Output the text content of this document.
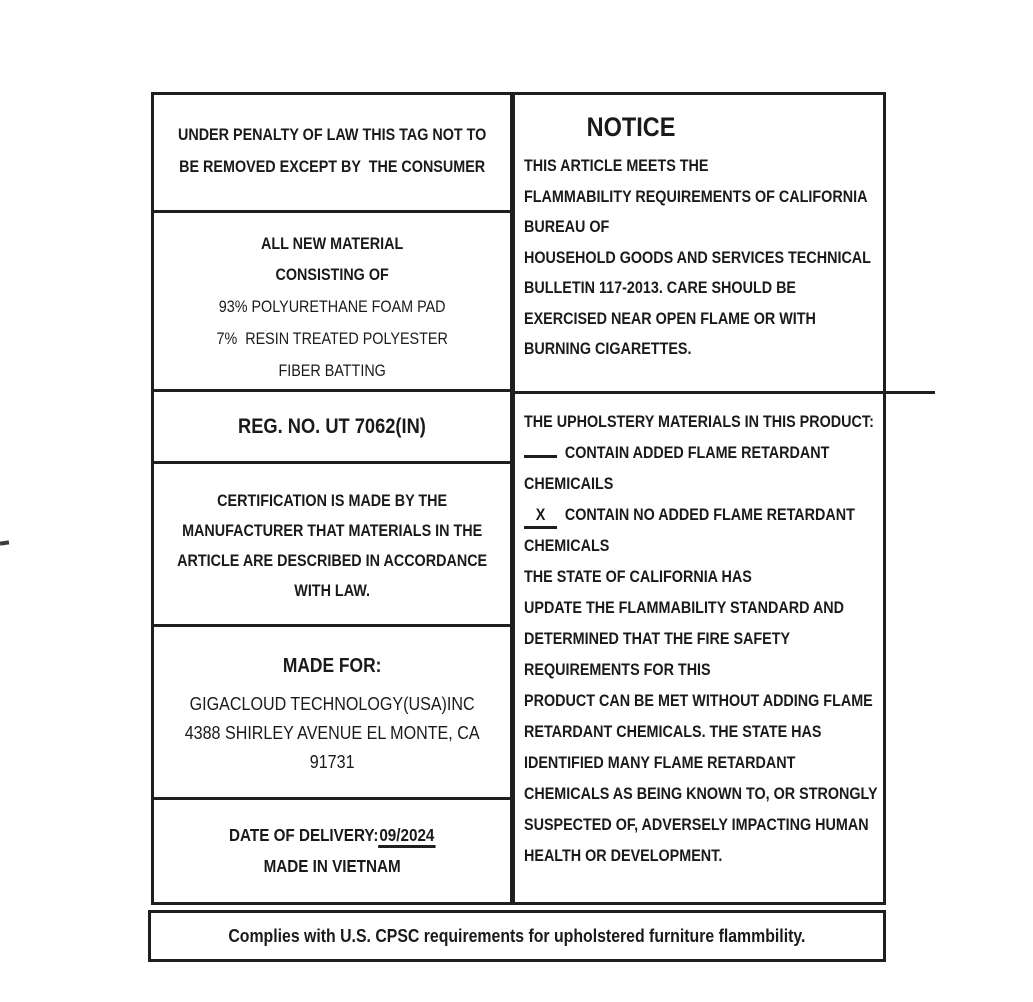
UNDER PENALTY OF LAW THIS TAG NOT TO
BE REMOVED EXCEPT BY  THE CONSUMER
ALL NEW MATERIAL
CONSISTING OF
93% POLYURETHANE FOAM PAD
7%  RESIN TREATED POLYESTER
FIBER BATTING
REG. NO. UT 7062(IN)
CERTIFICATION IS MADE BY THE
MANUFACTURER THAT MATERIALS IN THE
ARTICLE ARE DESCRIBED IN ACCORDANCE
WITH LAW.
MADE FOR:
GIGACLOUD TECHNOLOGY(USA)INC
4388 SHIRLEY AVENUE EL MONTE, CA
91731
DATE OF DELIVERY:09/2024
MADE IN VIETNAM
NOTICE
THIS ARTICLE MEETS THE
FLAMMABILITY REQUIREMENTS OF CALIFORNIA
BUREAU OF
HOUSEHOLD GOODS AND SERVICES TECHNICAL
BULLETIN 117-2013. CARE SHOULD BE
EXERCISED NEAR OPEN FLAME OR WITH
BURNING CIGARETTES.
THE UPHOLSTERY MATERIALS IN THIS PRODUCT:
CONTAIN ADDED FLAME RETARDANT
CHEMICAILS
X CONTAIN NO ADDED FLAME RETARDANT
CHEMICALS
THE STATE OF CALIFORNIA HAS
UPDATE THE FLAMMABILITY STANDARD AND
DETERMINED THAT THE FIRE SAFETY
REQUIREMENTS FOR THIS
PRODUCT CAN BE MET WITHOUT ADDING FLAME
RETARDANT CHEMICALS. THE STATE HAS
IDENTIFIED MANY FLAME RETARDANT
CHEMICALS AS BEING KNOWN TO, OR STRONGLY
SUSPECTED OF, ADVERSELY IMPACTING HUMAN
HEALTH OR DEVELOPMENT.
Complies with U.S. CPSC requirements for upholstered furniture flammbility.
